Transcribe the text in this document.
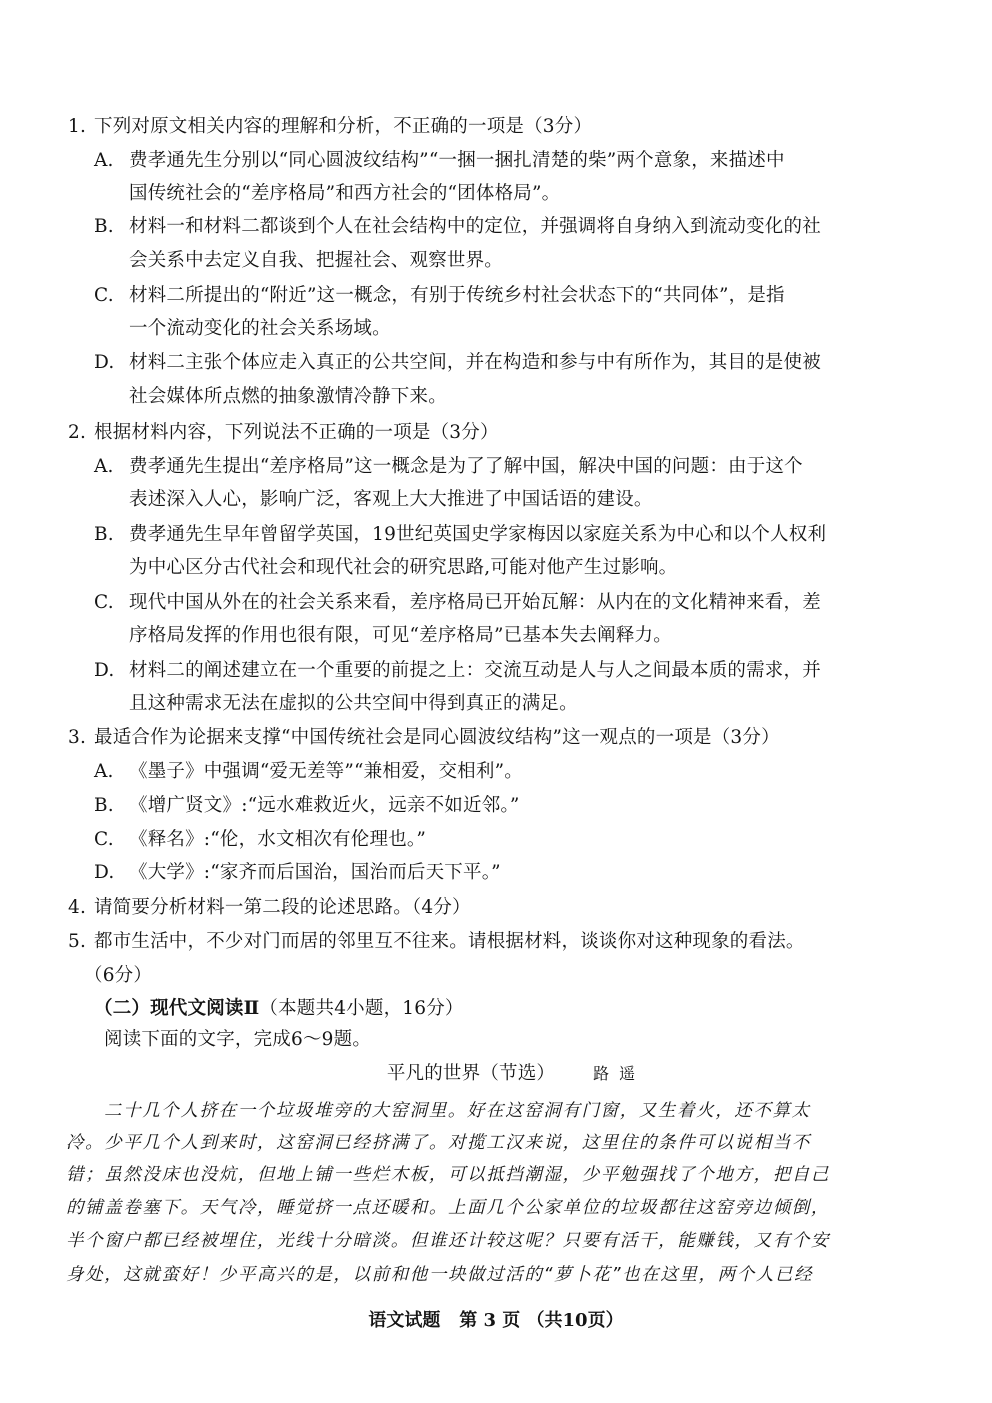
1. 下列对原文相关内容的理解和分析，不正确的一项是（3分）
A. 费孝通先生分别以“同心圆波纹结构”“一捆一捆扎清楚的柴”两个意象，来描述中
国传统社会的“差序格局”和西方社会的“团体格局”。
B. 材料一和材料二都谈到个人在社会结构中的定位，并强调将自身纳入到流动变化的社
会关系中去定义自我、把握社会、观察世界。
C. 材料二所提出的“附近”这一概念，有别于传统乡村社会状态下的“共同体”，是指
一个流动变化的社会关系场域。
D. 材料二主张个体应走入真正的公共空间，并在构造和参与中有所作为，其目的是使被
社会媒体所点燃的抽象激情冷静下来。
2. 根据材料内容，下列说法不正确的一项是（3分）
A. 费孝通先生提出“差序格局”这一概念是为了了解中国，解决中国的问题：由于这个
表述深入人心，影响广泛，客观上大大推进了中国话语的建设。
B. 费孝通先生早年曾留学英国，19世纪英国史学家梅因以家庭关系为中心和以个人权利
为中心区分古代社会和现代社会的研究思路,可能对他产生过影响。
C. 现代中国从外在的社会关系来看，差序格局已开始瓦解：从内在的文化精神来看，差
序格局发挥的作用也很有限，可见“差序格局”已基本失去阐释力。
D. 材料二的阐述建立在一个重要的前提之上：交流互动是人与人之间最本质的需求，并
且这种需求无法在虚拟的公共空间中得到真正的满足。
3. 最适合作为论据来支撑“中国传统社会是同心圆波纹结构”这一观点的一项是（3分）
A. 《墨子》中强调“爱无差等”“兼相爱，交相利”。
B. 《增广贤文》:“远水难救近火，远亲不如近邻。”
C. 《释名》:“伦，水文相次有伦理也。”
D. 《大学》:“家齐而后国治，国治而后天下平。”
4. 请简要分析材料一第二段的论述思路。（4分）
5. 都市生活中，不少对门而居的邻里互不往来。请根据材料，谈谈你对这种现象的看法。
（6分）
（二）现代文阅读Ⅱ（本题共4小题，16分）
阅读下面的文字，完成6～9题。
平凡的世界（节选） 路遥
二十几个人挤在一个垃圾堆旁的大窑洞里。好在这窑洞有门窗，又生着火，还不算太
冷。少平几个人到来时，这窑洞已经挤满了。对揽工汉来说，这里住的条件可以说相当不
错；虽然没床也没炕，但地上铺一些烂木板，可以抵挡潮湿，少平勉强找了个地方，把自己
的铺盖卷塞下。天气冷，睡觉挤一点还暖和。上面几个公家单位的垃圾都往这窑旁边倾倒，
半个窗户都已经被埋住，光线十分暗淡。但谁还计较这呢？只要有活干，能赚钱，又有个安
身处，这就蛮好！少平高兴的是，以前和他一块做过活的“萝卜花”也在这里，两个人已经
语文试题   第 3 页 （共10页）
